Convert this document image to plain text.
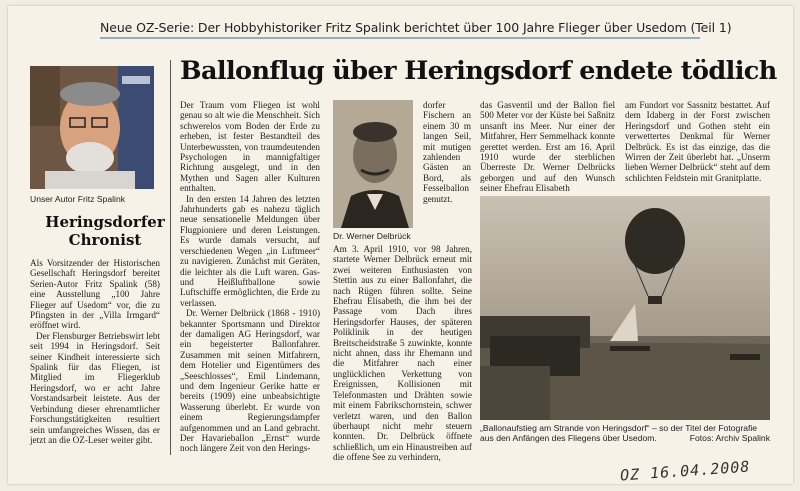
Neue OZ-Serie: Der Hobbyhistoriker Fritz Spalink berichtet über 100 Jahre Flieger über Usedom (Teil 1)
Ballonflug über Heringsdorf endete tödlich
Unser Autor Fritz Spalink
Heringsdorfer
Chronist

Als Vorsitzender der Historischen Gesellschaft Heringsdorf bereitet Serien-Autor Fritz Spalink (58) eine Ausstellung „100 Jahre Flieger auf Usedom“ vor, die zu Pfingsten in der „Villa Irmgard“ eröffnet wird.

Der Flensburger Betriebswirt lebt seit 1994 in Heringsdorf. Seit seiner Kindheit interessierte sich Spalink für das Fliegen, ist Mitglied im Fliegerklub Heringsdorf, wo er acht Jahre Vorstandsarbeit leistete. Aus der Verbindung dieser ehrenamtlicher Forschungstätigkeiten resultiert sein umfangreiches Wissen, das er jetzt an die OZ-Leser weiter gibt.

Der Traum vom Fliegen ist wohl genau so alt wie die Menschheit. Sich schwerelos vom Boden der Erde zu erheben, ist fester Bestandteil des Unterbewussten, von traumdeutenden Psychologen in mannigfaltiger Richtung ausgelegt, und in den Mythen und Sagen aller Kulturen enthalten.

In den ersten 14 Jahren des letzten Jahrhunderts gab es nahezu täglich neue sensationelle Meldungen über Flugpioniere und deren Leistungen. Es wurde damals versucht, auf verschiedenen Wegen „in Luftmeer“ zu navigieren. Zunächst mit Geräten, die leichter als die Luft waren. Gas- und Heißluftballone sowie Luftschiffe ermöglichten, die Erde zu verlassen.

Dr. Werner Delbrück (1868 - 1910) bekannter Sportsmann und Direktor der damaligen AG Heringsdorf, war ein begeisterter Ballonfahrer. Zusammen mit seinen Mitfahrern, dem Hotelier und Eigentümers des „Seeschlosses“, Emil Lindemann, und dem Ingenieur Gerike hatte er bereits (1909) eine unbeabsichtigte Wasserung überlebt. Er wurde von einem Regierungsdampfer aufgenommen und an Land gebracht. Der Havarieballon „Ernst“ wurde noch längere Zeit von den Herings-

Dr. Werner Delbrück

dorfer Fischern an einem 30 m langen Seil, mit mutigen zahlenden Gästen an Bord, als Fesselballon genutzt.

Am 3. April 1910, vor 98 Jahren, startete Werner Delbrück erneut mit zwei weiteren Enthusiasten von Stettin aus zu einer Ballonfahrt, die nach Rügen führen sollte. Seine Ehefrau Elisabeth, die ihm bei der Passage vom Dach ihres Heringsdorfer Hauses, der späteren Poliklinik in der heutigen Breitscheidstraße 5 zuwinkte, konnte nicht ahnen, dass ihr Ehemann und die Mitfahrer nach einer unglücklichen Verkettung von Ereignissen, Kollisionen mit Telefonmasten und Drähten sowie mit einem Fabrikschornstein, schwer verletzt waren, und den Ballon überhaupt nicht mehr steuern konnten. Dr. Delbrück öffnete schließlich, um ein Hinaustreiben auf die offene See zu verhindern,

das Gasventil und der Ballon fiel 500 Meter vor der Küste bei Saßnitz unsanft ins Meer. Nur einer der Mitfahrer, Herr Semmelhack konnte gerettet werden. Erst am 16. April 1910 wurde der sterblichen Überreste Dr. Werner Delbrücks geborgen und auf den Wunsch seiner Ehefrau Elisabeth

am Fundort vor Sassnitz bestattet. Auf dem Idaberg in der Forst zwischen Heringsdorf und Gothen steht ein verwettertes Denkmal für Werner Delbrück. Es ist das einzige, das die Wirren der Zeit überlebt hat. „Unserm lieben Werner Delbrück“ steht auf dem schlichten Feldstein mit Granitplatte.

„Ballonaufstieg am Strande von Heringsdorf“ – so der Titel der Fotografie aus den Anfängen des Fliegens über Usedom.	Fotos: Archiv Spalink
OZ 16.04.2008
